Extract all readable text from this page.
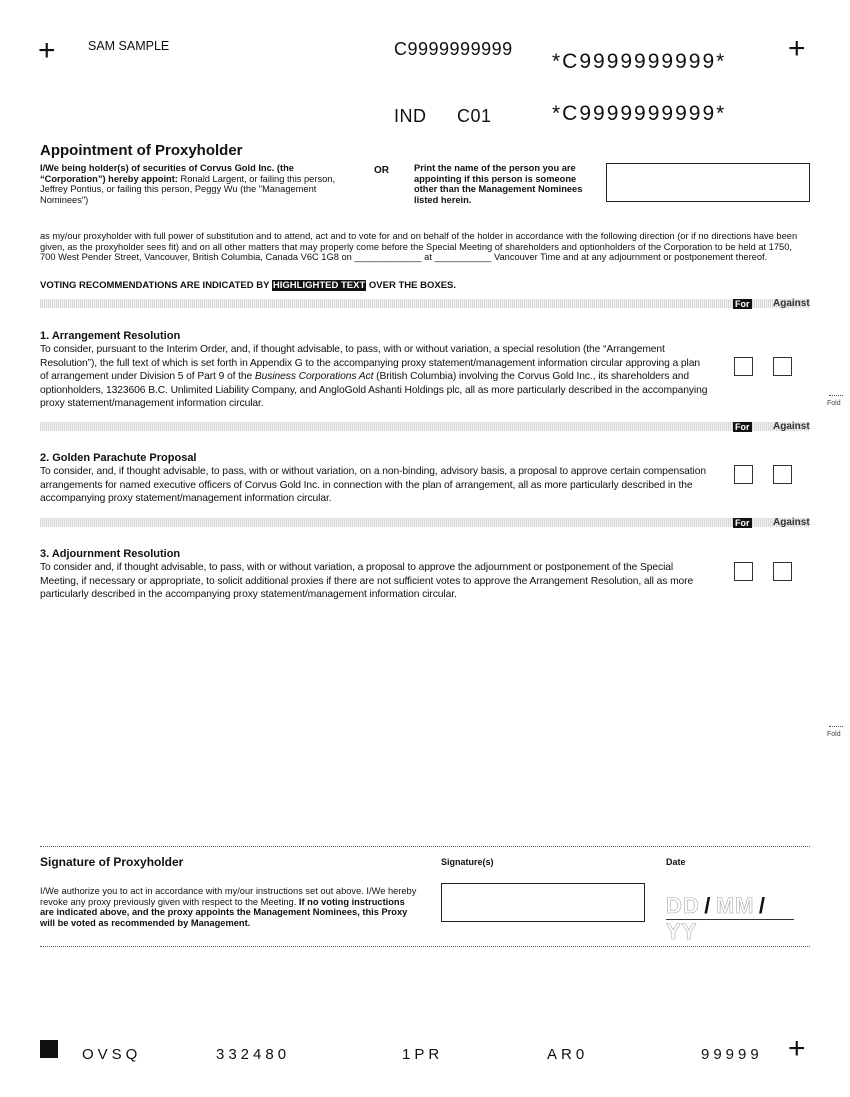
+	SAM SAMPLE	C9999999999
*C9999999999* +
IND C01	*C9999999999*
Appointment of Proxyholder
I/We being holder(s) of securities of Corvus Gold Inc. (the “Corporation”) hereby appoint: Ronald Largent, or failing this person, Jeffrey Pontius, or failing this person, Peggy Wu (the "Management Nominees")
OR	Print the name of the person you are appointing if this person is someone other than the Management Nominees listed herein.
as my/our proxyholder with full power of substitution and to attend, act and to vote for and on behalf of the holder in accordance with the following direction (or if no directions have been given, as the proxyholder sees fit) and on all other matters that may properly come before the Special Meeting of shareholders and optionholders of the Corporation to be held at 1750, 700 West Pender Street, Vancouver, British Columbia, Canada V6C 1G8 on _____________ at ___________ Vancouver Time and at any adjournment or postponement thereof.
VOTING RECOMMENDATIONS ARE INDICATED BY HIGHLIGHTED TEXT OVER THE BOXES.
For Against
1. Arrangement Resolution
To consider, pursuant to the Interim Order, and, if thought advisable, to pass, with or without variation, a special resolution (the “Arrangement Resolution”), the full text of which is set forth in Appendix G to the accompanying proxy statement/management information circular approving a plan of arrangement under Division 5 of Part 9 of the Business Corporations Act (British Columbia) involving the Corvus Gold Inc., its shareholders and optionholders, 1323606 B.C. Unlimited Liability Company, and AngloGold Ashanti Holdings plc, all as more particularly described in the accompanying proxy statement/management information circular.
For Against
2. Golden Parachute Proposal
To consider, and, if thought advisable, to pass, with or without variation, on a non-binding, advisory basis, a proposal to approve certain compensation arrangements for named executive officers of Corvus Gold Inc. in connection with the plan of arrangement, all as more particularly described in the accompanying proxy statement/management information circular.
For Against
3. Adjournment Resolution
To consider and, if thought advisable, to pass, with or without variation, a proposal to approve the adjournment or postponement of the Special Meeting, if necessary or appropriate, to solicit additional proxies if there are not sufficient votes to approve the Arrangement Resolution, all as more particularly described in the accompanying proxy statement/management information circular.
Fold
Fold
Signature of Proxyholder
I/We authorize you to act in accordance with my/our instructions set out above. I/We hereby revoke any proxy previously given with respect to the Meeting. If no voting instructions are indicated above, and the proxy appoints the Management Nominees, this Proxy will be voted as recommended by Management.
Signature(s)	Date
DD / MM / YY
OVSQ	332480	1PR	AR0	99999 +
